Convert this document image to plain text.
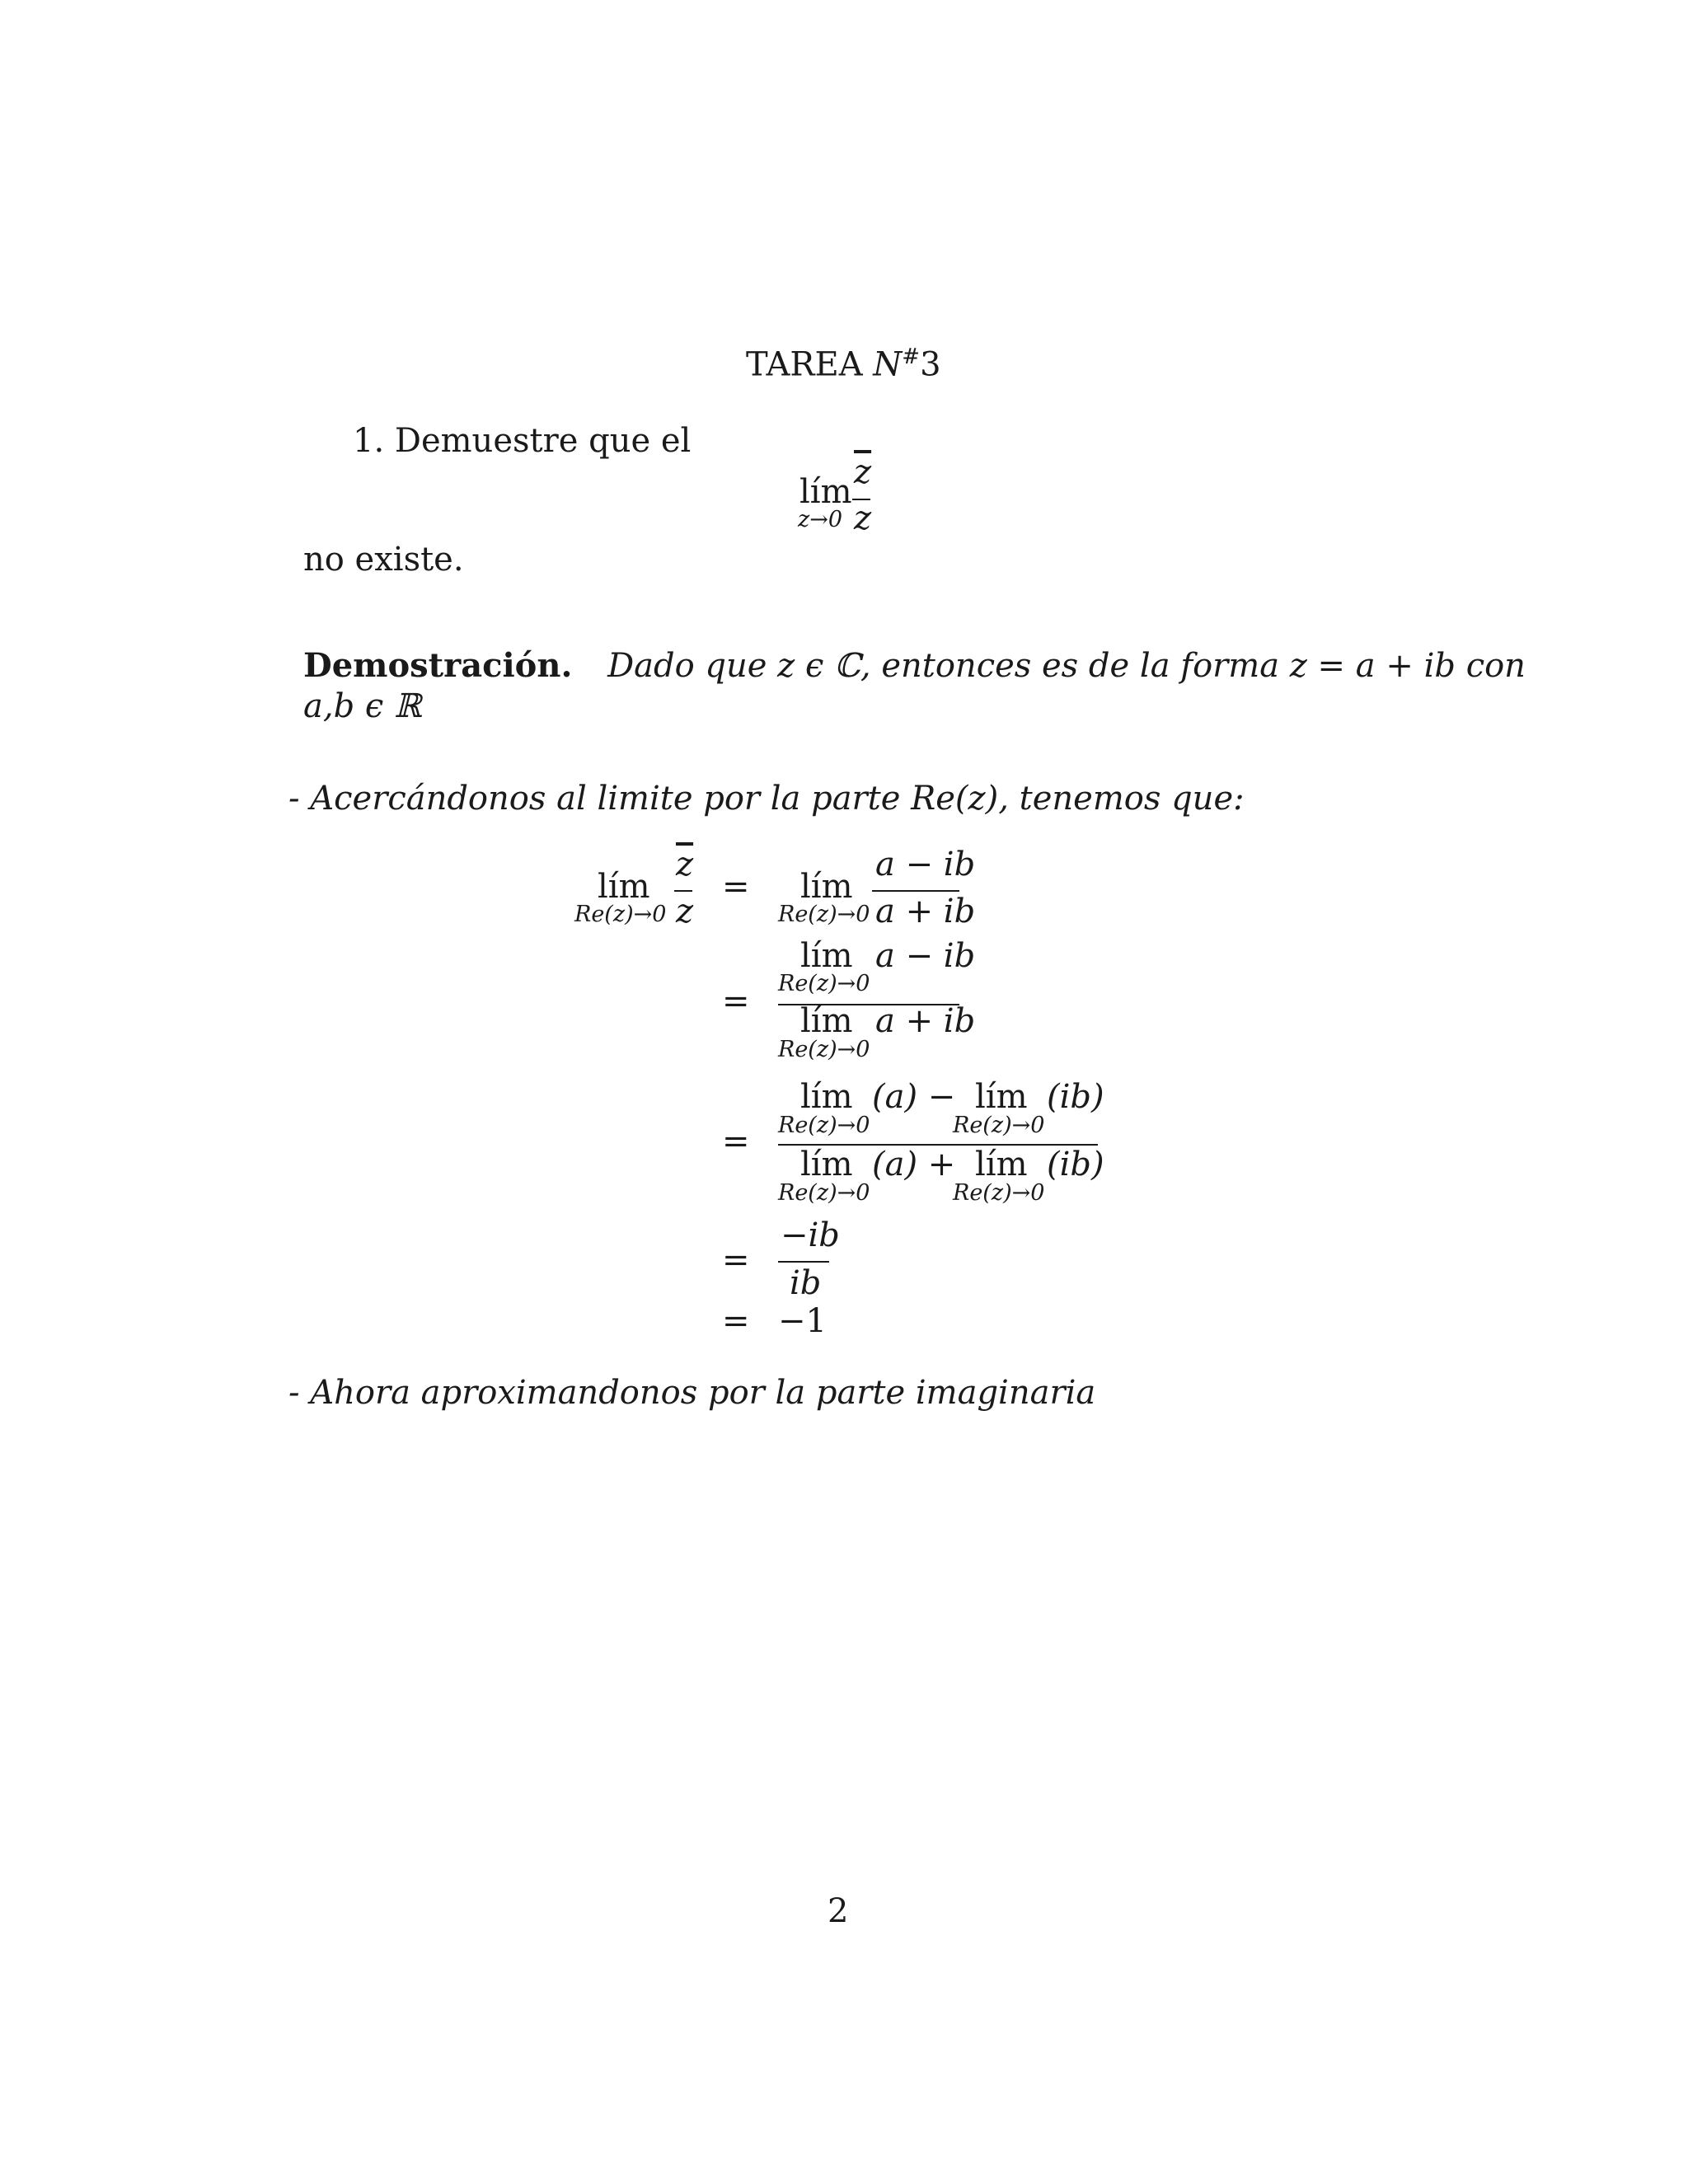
TAREA N#3
1. Demuestre que el
lím
z→0
$\overline{z}$
z
no existe.
Demostración. Dado que z ϵ ℂ, entonces es de la forma z = a + ib con
a,b ϵ ℝ
- Acercándonos al limite por la parte Re(z), tenemos que:
lím
Re(z)→0
$\overline{z}$
z
= lím
Re(z)→0
a − ib
a + ib
lím a − ib
Re(z)→0
=
lím a + ib
Re(z)→0
lím
Re(z)→0
(a) − lím
Re(z)→0
(ib)
=
lím
Re(z)→0
(a) + lím
Re(z)→0
(ib)
−ib
=
ib
= −1
- Ahora aproximandonos por la parte imaginaria
2
